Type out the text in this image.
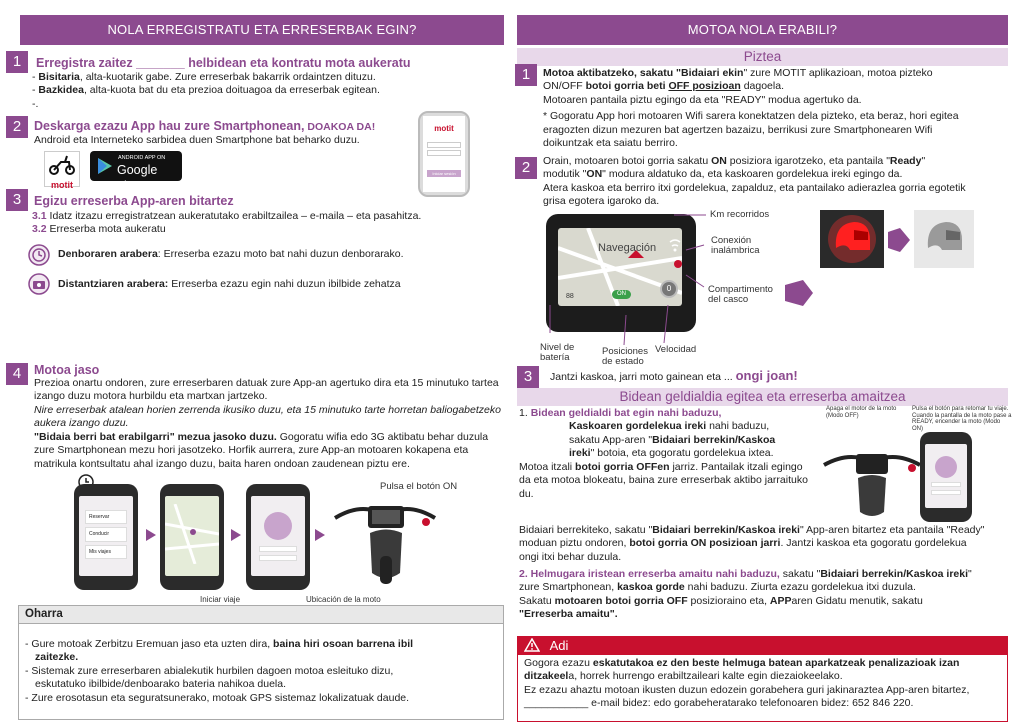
NOLA ERREGISTRATU ETA ERRESERBAK EGIN?
1	Erregistra zaitez _______ helbidean eta kontratu mota aukeratu
- Bisitaria, alta-kuotarik gabe. Zure erreserbak bakarrik ordaintzen dituzu.
- Bazkidea, alta-kuota bat du eta prezioa doituagoa da erreserbak egitean.
-.
2	Deskarga ezazu App hau zure Smartphonean, DOAKOA DA!
Android eta Interneteko sarbidea duen Smartphone bat beharko duzu.
motit
ANDROID APP ON
Google play
motit
Iniciar sesión
3	Egizu erreserba App-aren bitartez
3.1 Idatz itzazu erregistratzean aukeratutako erabiltzailea – e-maila – eta pasahitza.
3.2 Erreserba mota aukeratu
Denboraren arabera: Erreserba ezazu moto bat nahi duzun denborarako.
Distantziaren arabera: Erreserba ezazu egin nahi duzun ibilbide zehatza
4	Motoa jaso
Prezioa onartu ondoren, zure erreserbaren datuak zure App-an agertuko dira eta 15 minutuko tartea izango duzu motora hurbildu eta martxan jartzeko.
Nire erreserbak atalean horien zerrenda ikusiko duzu, eta 15 minutuko tarte horretan baliogabetzeko aukera izango duzu.
"Bidaia berri bat erabilgarri" mezua jasoko duzu. Gogoratu wifia edo 3G aktibatu behar duzula zure Smartphonean mezu hori jasotzeko. Horfik aurrera, zure App-an motoaren kokapena eta matrikula kontsultatu ahal izango duzu, baita haren ondoan zaudenean piztu ere.
Reservar
Conducir
Mis viajes
Pulsa el botón ON
Iniciar viaje	Ubicación de la moto
Oharra
- Gure motoak Zerbitzu Eremuan jaso eta uzten dira, baina hiri osoan barrena ibil
zaitezke.
- Sistemak zure erreserbaren abialekutik hurbilen dagoen motoa esleituko dizu,
eskutatuko ibilbide/denboarako bateria nahikoa duela.
- Zure erosotasun eta seguratsunerako, motoak GPS sistemaz lokalizatuak daude.
MOTOA NOLA ERABILI?
Piztea
1	Motoa aktibatzeko, sakatu "Bidaiari ekin" zure MOTIT aplikazioan, motoa pizteko
ON/OFF botoi gorria beti OFF posizioan dagoela.
Motoaren pantaila piztu egingo da eta "READY" modua agertuko da.
* Gogoratu App hori motoaren Wifi sarera konektatzen dela pizteko, eta beraz, hori egitea eragozten dizun mezuren bat agertzen bazaizu, berrikusi zure Smartphonearen Wifi doikuntzak eta saiatu berriro.
2	Orain, motoaren botoi gorria sakatu ON posiziora igarotzeko, eta pantaila "Ready"
modutik "ON" modura aldatuko da, eta kaskoaren gordelekua ireki egingo da.
Atera kaskoa eta berriro itxi gordelekua, zapalduz, eta pantailako adierazlea gorria egotetik grisa egotera igaroko da.
Navegación
ON
88
0
Km recorridos
Conexión inalámbrica
Compartimento del casco
Nivel de batería
Posiciones de estado
Velocidad
3	Jantzi kaskoa, jarri moto gainean eta ... ongi joan!
Bidean geldialdia egitea eta erreserba amaitzea
1. Bidean geldialdi bat egin nahi baduzu,
Kaskoaren gordelekua ireki nahi baduzu,
sakatu App-aren "Bidaiari berrekin/Kaskoa
ireki" botoia, eta gogoratu gordelekua ixtea.
Motoa itzali botoi gorria OFFen jarriz. Pantailak itzali egingo da eta motoa blokeatu, baina zure erreserbak aktibo jarraituko du.
Apaga el motor de la moto (Modo OFF)
Pulsa el botón para retomar tu viaje. Cuando la pantalla de la moto pase a READY, encender la moto (Modo ON)
Bidaiari berrekiteko, sakatu "Bidaiari berrekin/Kaskoa ireki" App-aren bitartez eta pantaila "Ready" moduan piztu ondoren, botoi gorria ON posizioan jarri. Jantzi kaskoa eta gogoratu gordelekua ongi itxi behar duzula.
2. Helmugara iristean erreserba amaitu nahi baduzu, sakatu "Bidaiari berrekin/Kaskoa ireki" zure Smartphonean, kaskoa gorde nahi baduzu. Ziurta ezazu gordelekua itxi duzula.
Sakatu motoaren botoi gorria OFF posizioraino eta, APParen Gidatu menutik, sakatu
"Erreserba amaitu".
Adi
Gogora ezazu eskatutakoa ez den beste helmuga batean aparkatzeak penalizazioak izan ditzakeela, horrek hurrengo erabiltzaileari kalte egin diezaiokeelako.
Ez ezazu ahaztu motoan ikusten duzun edozein gorabehera guri jakinaraztea App-aren bitartez, ___________ e-mail bidez: edo gorabeheratarako telefonoaren bidez: 652 846 220.
